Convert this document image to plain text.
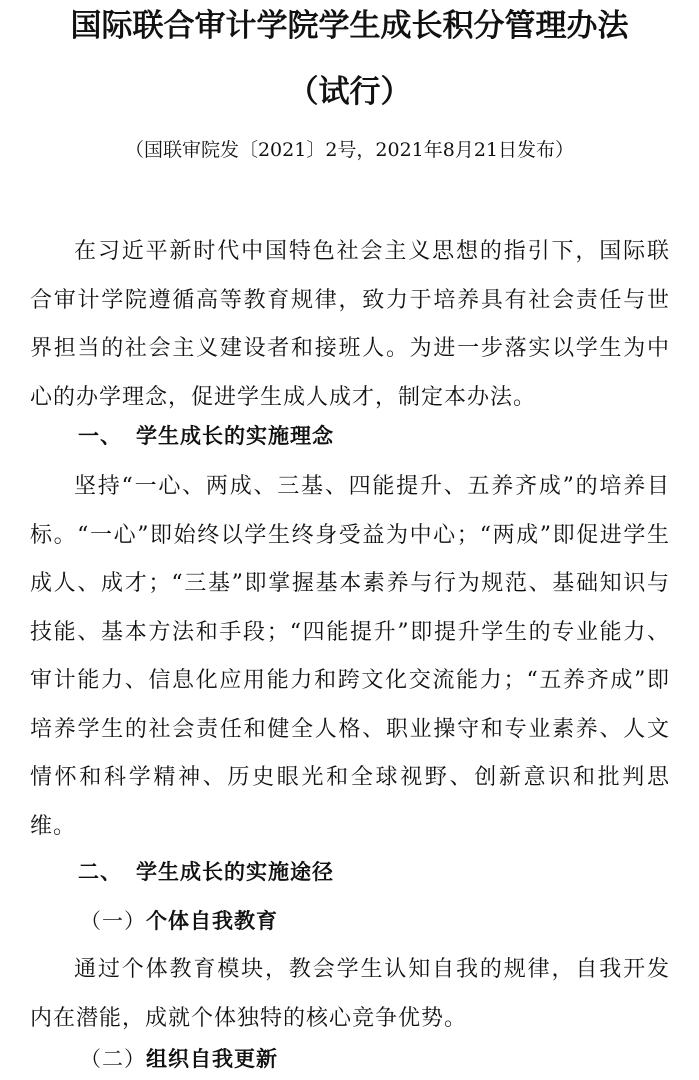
国际联合审计学院学生成长积分管理办法
（试行）
（国联审院发〔2021〕2号，2021年8月21日发布）

在习近平新时代中国特色社会主义思想的指引下，国际联合审计学院遵循高等教育规律，致力于培养具有社会责任与世界担当的社会主义建设者和接班人。为进一步落实以学生为中心的办学理念，促进学生成人成才，制定本办法。

一、 学生成长的实施理念

坚持“一心、两成、三基、四能提升、五养齐成”的培养目标。“一心”即始终以学生终身受益为中心；“两成”即促进学生成人、成才；“三基”即掌握基本素养与行为规范、基础知识与技能、基本方法和手段；“四能提升”即提升学生的专业能力、审计能力、信息化应用能力和跨文化交流能力；“五养齐成”即培养学生的社会责任和健全人格、职业操守和专业素养、人文情怀和科学精神、历史眼光和全球视野、创新意识和批判思维。

二、 学生成长的实施途径
（一）个体自我教育

通过个体教育模块，教会学生认知自我的规律，自我开发内在潜能，成就个体独特的核心竞争优势。

（二）组织自我更新
